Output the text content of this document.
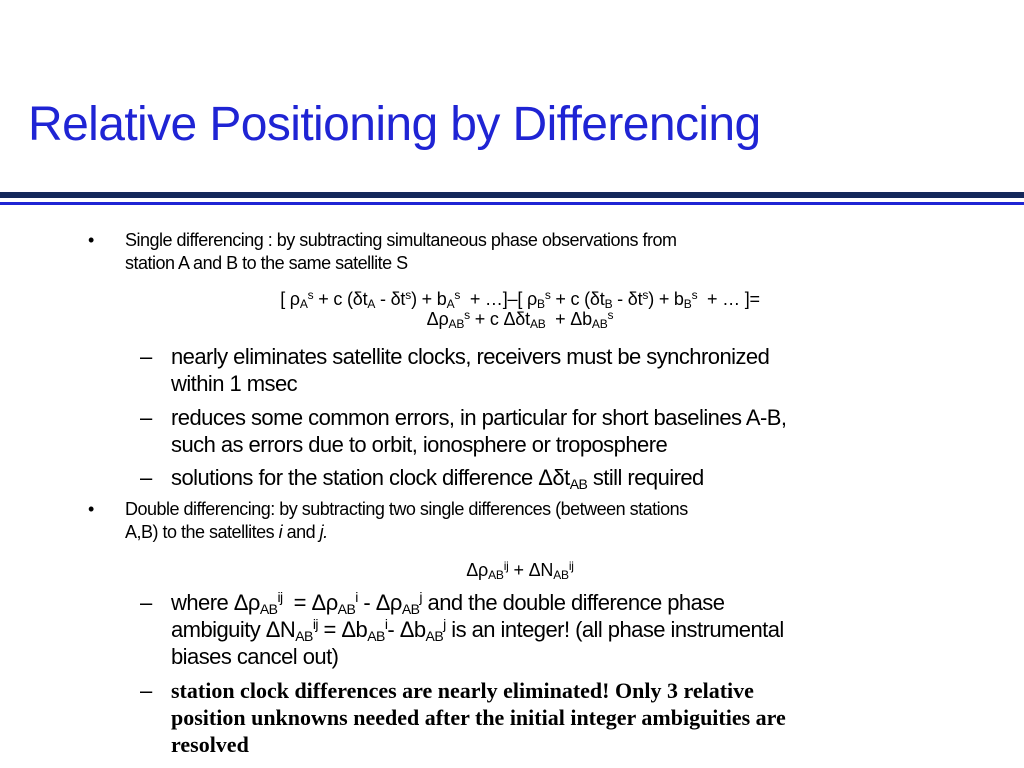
Relative Positioning by Differencing
• Single differencing : by subtracting simultaneous phase observations from
station A and B to the same satellite S
[ $\rho_A^s + c$ $(\delta t_A - \delta t^s) + b_A^s$  + …]–[ $\rho_B^s + c$ $(\delta t_B - \delta t^s) + b_B^s$  + … ]=
$\Delta\rho_{AB}^s + c$ $\Delta\delta t_{AB} + \Delta b_{AB}^s$
– nearly eliminates satellite clocks, receivers must be synchronized
within 1 msec
– reduces some common errors, in particular for short baselines A-B,
such as errors due to orbit, ionosphere or troposphere
– solutions for the station clock difference Δδt$_{AB}$ still required
• Double differencing: by subtracting two single differences (between stations
A,B) to the satellites i and j.
$\Delta\rho_{AB}^{ij} + \Delta N_{AB}^{ij}$
– where $\Delta\rho_{AB}^{ij} = \Delta\rho_{AB}^i - \Delta\rho_{AB}^j$ and the double difference phase
ambiguity $\Delta N_{AB}^{ij} = \Delta b_{AB}^i-$ $\Delta b_{AB}^j$ is an integer! (all phase instrumental
biases cancel out)
– station clock differences are nearly eliminated! Only 3 relative
position unknowns needed after the initial integer ambiguities are
resolved
